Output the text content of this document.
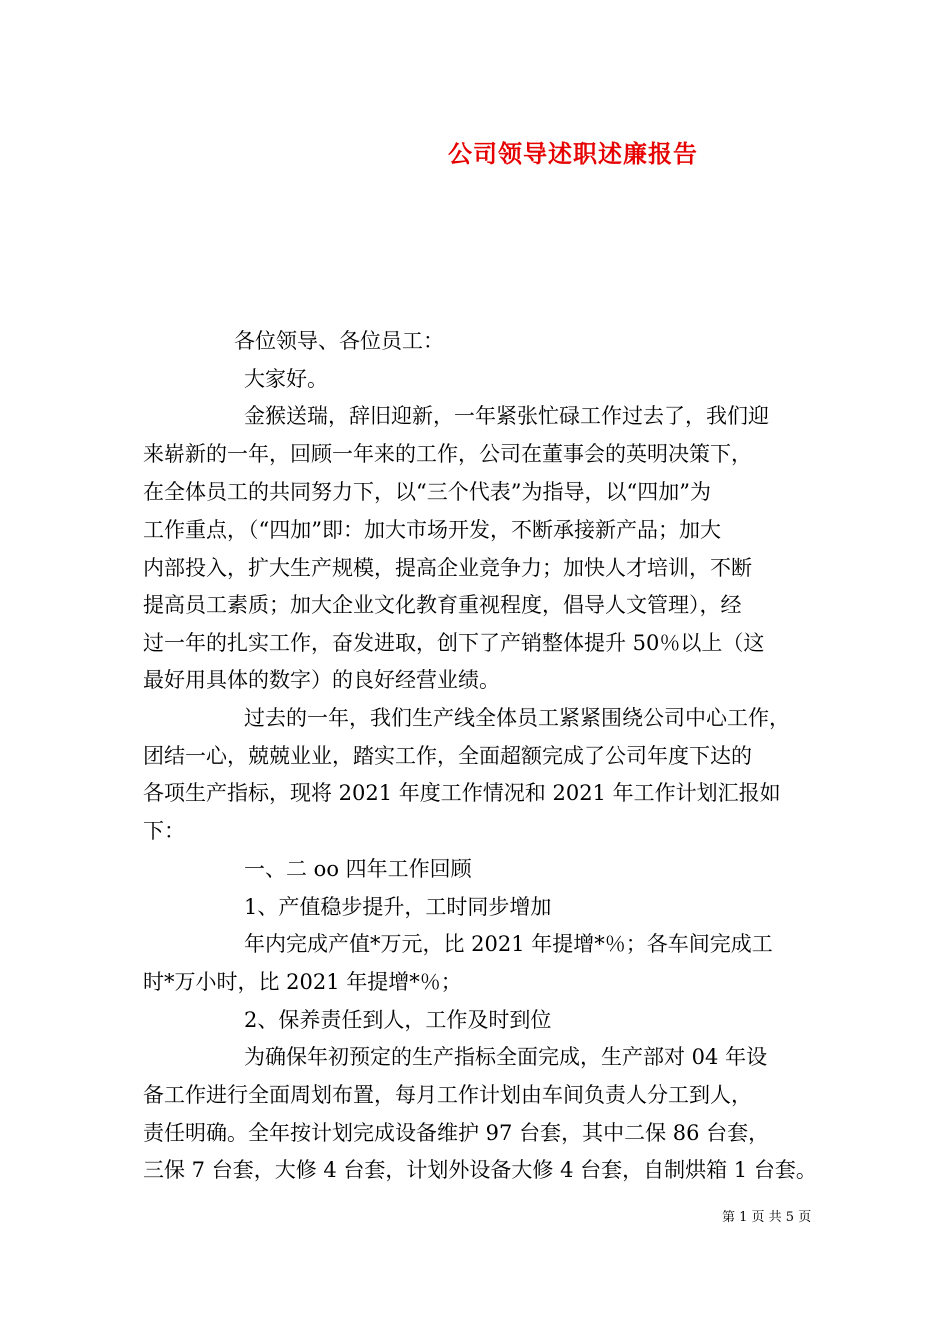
公司领导述职述廉报告
各位领导、各位员工：
大家好。
金猴送瑞，辞旧迎新，一年紧张忙碌工作过去了，我们迎
来崭新的一年，回顾一年来的工作，公司在董事会的英明决策下，
在全体员工的共同努力下，以“三个代表”为指导，以“四加”为
工作重点，（“四加”即：加大市场开发，不断承接新产品；加大
内部投入，扩大生产规模，提高企业竞争力；加快人才培训，不断
提高员工素质；加大企业文化教育重视程度，倡导人文管理），经
过一年的扎实工作，奋发进取，创下了产销整体提升 50％以上（这
最好用具体的数字）的良好经营业绩。
过去的一年，我们生产线全体员工紧紧围绕公司中心工作，
团结一心，兢兢业业，踏实工作，全面超额完成了公司年度下达的
各项生产指标，现将 2021 年度工作情况和 2021 年工作计划汇报如
下：
一、二 oo 四年工作回顾
1、产值稳步提升，工时同步增加
年内完成产值*万元，比 2021 年提增*％；各车间完成工
时*万小时，比 2021 年提增*％；
2、保养责任到人，工作及时到位
为确保年初预定的生产指标全面完成，生产部对 04 年设
备工作进行全面周划布置，每月工作计划由车间负责人分工到人，
责任明确。全年按计划完成设备维护 97 台套，其中二保 86 台套，
三保 7 台套，大修 4 台套，计划外设备大修 4 台套，自制烘箱 1 台套。
第 1 页 共 5 页
